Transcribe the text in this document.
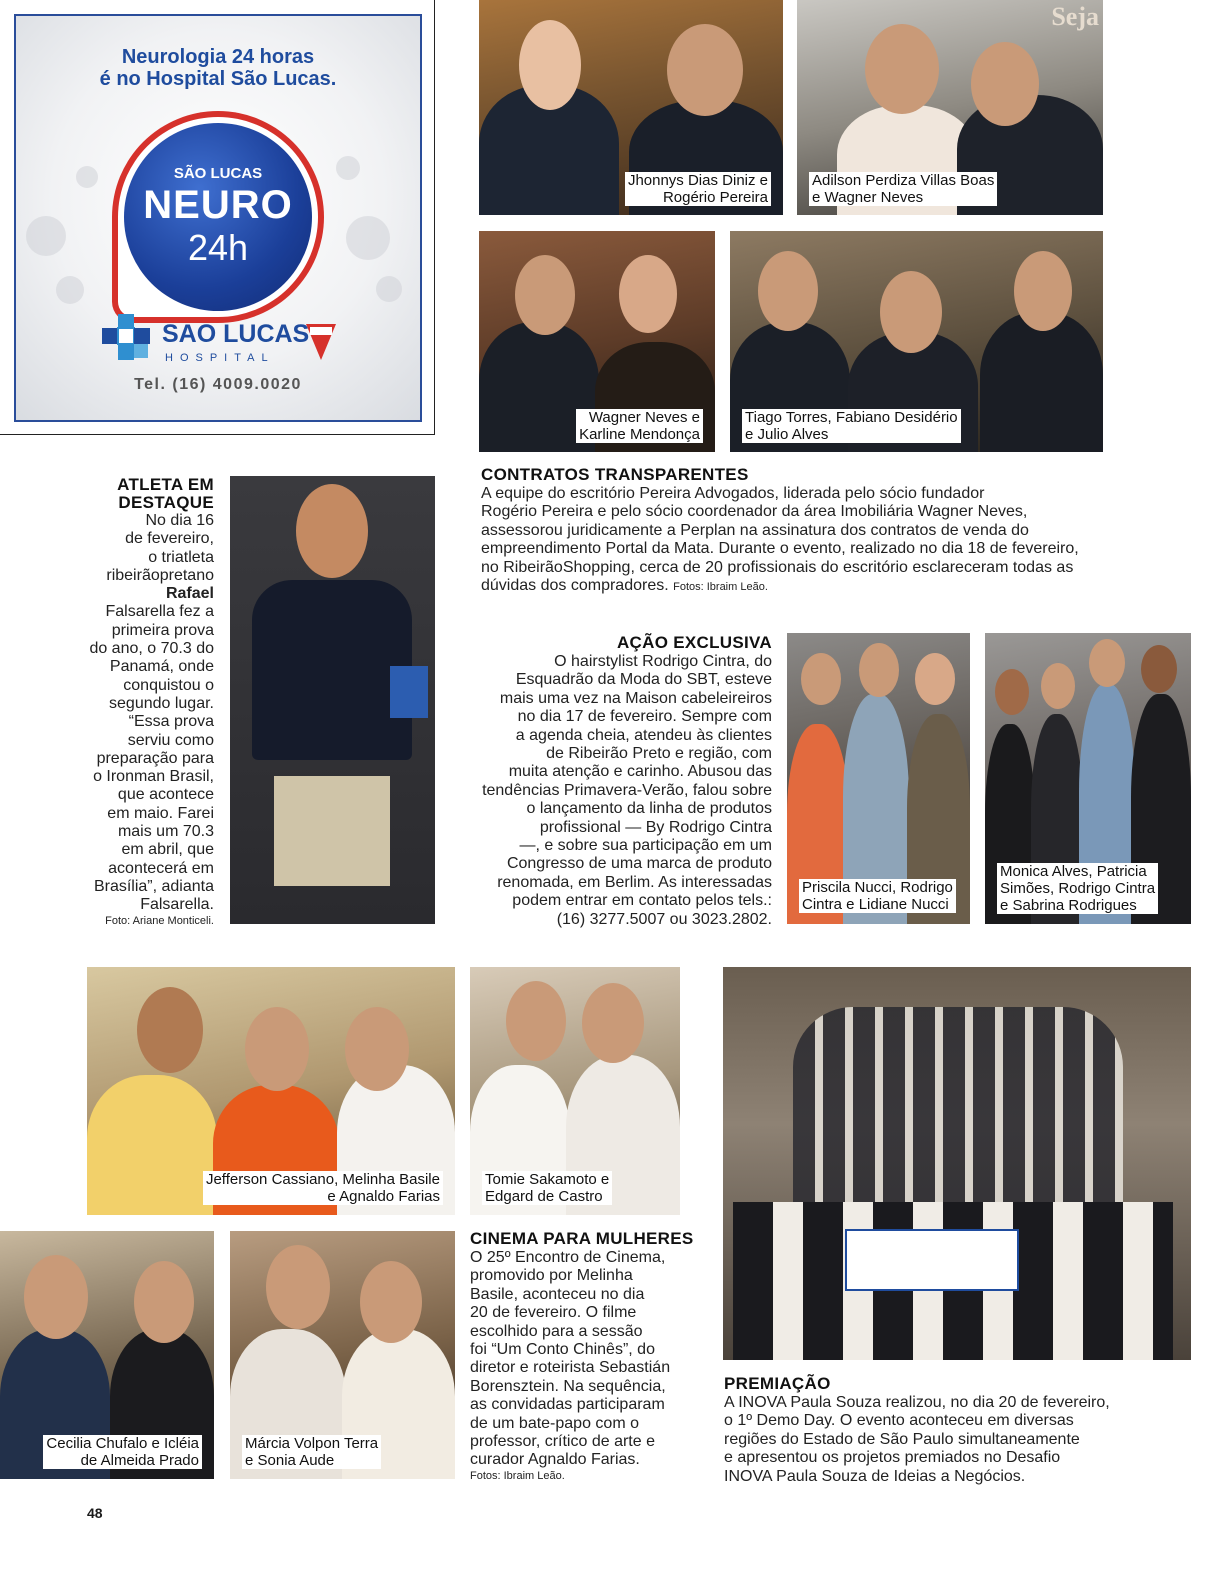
Neurologia 24 horas
é no Hospital São Lucas.
SÃO LUCAS
NEURO
24h
SAO LUCAS
HOSPITAL
Tel. (16) 4009.0020
Jhonnys Dias Diniz e
Rogério Pereira
Seja
Adilson Perdiza Villas Boas
e Wagner Neves
Wagner Neves e
Karline Mendonça
Tiago Torres, Fabiano Desidério
e Julio Alves
CONTRATOS TRANSPARENTES
A equipe do escritório Pereira Advogados, liderada pelo sócio fundador
Rogério Pereira e pelo sócio coordenador da área Imobiliária Wagner Neves,
assessorou juridicamente a Perplan na assinatura dos contratos de venda do
empreendimento Portal da Mata. Durante o evento, realizado no dia 18 de fevereiro,
no RibeirãoShopping, cerca de 20 profissionais do escritório esclareceram todas as
dúvidas dos compradores. Fotos: Ibraim Leão.
ATLETA EM
DESTAQUE
No dia 16
de fevereiro,
o triatleta
ribeirãopretano
Rafael
Falsarella fez a
primeira prova
do ano, o 70.3 do
Panamá, onde
conquistou o
segundo lugar.
“Essa prova
serviu como
preparação para
o Ironman Brasil,
que acontece
em maio. Farei
mais um 70.3
em abril, que
acontecerá em
Brasília”, adianta
Falsarella.
Foto: Ariane Monticeli.
AÇÃO EXCLUSIVA
O hairstylist Rodrigo Cintra, do
Esquadrão da Moda do SBT, esteve
mais uma vez na Maison cabeleireiros
no dia 17 de fevereiro. Sempre com
a agenda cheia, atendeu às clientes
de Ribeirão Preto e região, com
muita atenção e carinho. Abusou das
tendências Primavera-Verão, falou sobre
o lançamento da linha de produtos
profissional — By Rodrigo Cintra
—, e sobre sua participação em um
Congresso de uma marca de produto
renomada, em Berlim. As interessadas
podem entrar em contato pelos tels.:
(16) 3277.5007 ou 3023.2802.
Priscila Nucci, Rodrigo
Cintra e Lidiane Nucci
Monica Alves, Patricia
Simões, Rodrigo Cintra
e Sabrina Rodrigues
Jefferson Cassiano, Melinha Basile
e Agnaldo Farias
Tomie Sakamoto e
Edgard de Castro
Cecilia Chufalo e Icléia
de Almeida Prado
Márcia Volpon Terra
e Sonia Aude
CINEMA PARA MULHERES
O 25º Encontro de Cinema,
promovido por Melinha
Basile, aconteceu no dia
20 de fevereiro. O filme
escolhido para a sessão
foi “Um Conto Chinês”, do
diretor e roteirista Sebastián
Borensztein. Na sequência,
as convidadas participaram
de um bate-papo com o
professor, crítico de arte e
curador Agnaldo Farias.
Fotos: Ibraim Leão.
PREMIAÇÃO
A INOVA Paula Souza realizou, no dia 20 de fevereiro,
o 1º Demo Day. O evento aconteceu em diversas
regiões do Estado de São Paulo simultaneamente
e apresentou os projetos premiados no Desafio
INOVA Paula Souza de Ideias a Negócios.
48
